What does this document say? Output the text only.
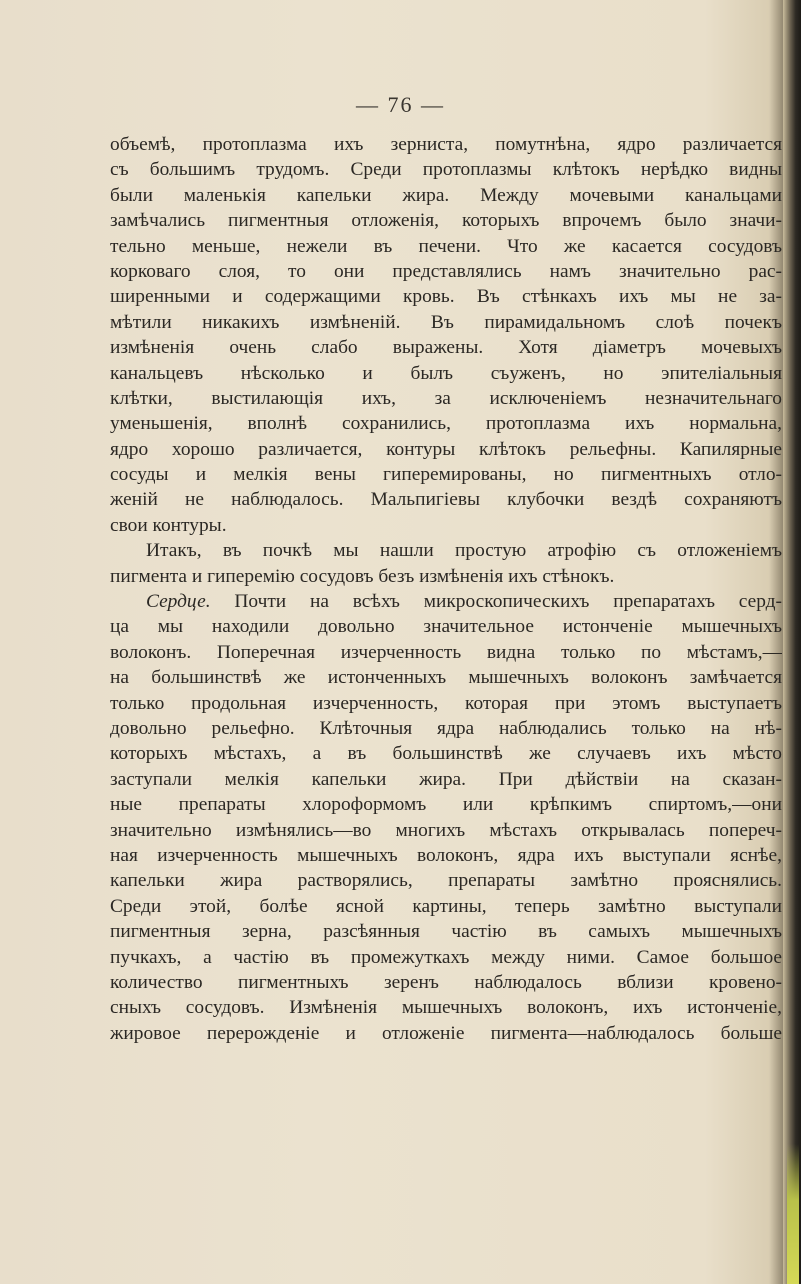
— 76 —
объемѣ, протоплазма ихъ зерниста, помутнѣна, ядро различается
съ большимъ трудомъ. Среди протоплазмы клѣтокъ нерѣдко видны
были маленькія капельки жира. Между мочевыми канальцами
замѣчались пигментныя отложенія, которыхъ впрочемъ было значи-
тельно меньше, нежели въ печени. Что же касается сосудовъ
корковаго слоя, то они представлялись намъ значительно рас-
ширенными и содержащими кровь. Въ стѣнкахъ ихъ мы не за-
мѣтили никакихъ измѣненій. Въ пирамидальномъ слоѣ почекъ
измѣненія очень слабо выражены. Хотя діаметръ мочевыхъ
канальцевъ нѣсколько и былъ съуженъ, но эпителіальныя
клѣтки, выстилающія ихъ, за исключеніемъ незначительнаго
уменьшенія, вполнѣ сохранились, протоплазма ихъ нормальна,
ядро хорошо различается, контуры клѣтокъ рельефны. Капилярные
сосуды и мелкія вены гиперемированы, но пигментныхъ отло-
женій не наблюдалось. Мальпигіевы клубочки вездѣ сохраняютъ
свои контуры.
Итакъ, въ почкѣ мы нашли простую атрофію съ отложеніемъ
пигмента и гиперемію сосудовъ безъ измѣненія ихъ стѣнокъ.
Сердце. Почти на всѣхъ микроскопическихъ препаратахъ серд-
ца мы находили довольно значительное истонченіе мышечныхъ
волоконъ. Поперечная изчерченность видна только по мѣстамъ,—
на большинствѣ же истонченныхъ мышечныхъ волоконъ замѣчается
только продольная изчерченность, которая при этомъ выступаетъ
довольно рельефно. Клѣточныя ядра наблюдались только на нѣ-
которыхъ мѣстахъ, а въ большинствѣ же случаевъ ихъ мѣсто
заступали мелкія капельки жира. При дѣйствіи на сказан-
ные препараты хлороформомъ или крѣпкимъ спиртомъ,—они
значительно измѣнялись—во многихъ мѣстахъ открывалась попереч-
ная изчерченность мышечныхъ волоконъ, ядра ихъ выступали яснѣе,
капельки жира растворялись, препараты замѣтно прояснялись.
Среди этой, болѣе ясной картины, теперь замѣтно выступали
пигментныя зерна, разсѣянныя частію въ самыхъ мышечныхъ
пучкахъ, а частію въ промежуткахъ между ними. Самое большое
количество пигментныхъ зеренъ наблюдалось вблизи кровено-
сныхъ сосудовъ. Измѣненія мышечныхъ волоконъ, ихъ истонченіе,
жировое перерожденіе и отложеніе пигмента—наблюдалось больше
